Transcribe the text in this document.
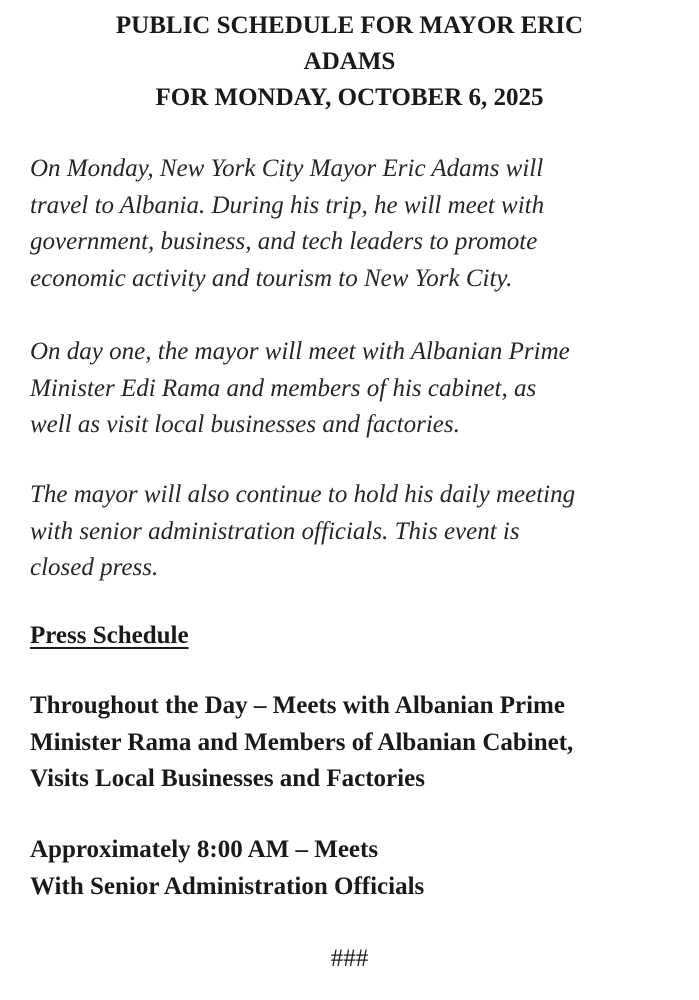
PUBLIC SCHEDULE FOR MAYOR ERIC
ADAMS
FOR MONDAY, OCTOBER 6, 2025

On Monday, New York City Mayor Eric Adams will
travel to Albania. During his trip, he will meet with
government, business, and tech leaders to promote
economic activity and tourism to New York City.

On day one, the mayor will meet with Albanian Prime
Minister Edi Rama and members of his cabinet, as
well as visit local businesses and factories.

The mayor will also continue to hold his daily meeting
with senior administration officials. This event is
closed press.

Press Schedule

Throughout the Day – Meets with Albanian Prime
Minister Rama and Members of Albanian Cabinet,
Visits Local Businesses and Factories

Approximately 8:00 AM – Meets
With Senior Administration Officials

###
